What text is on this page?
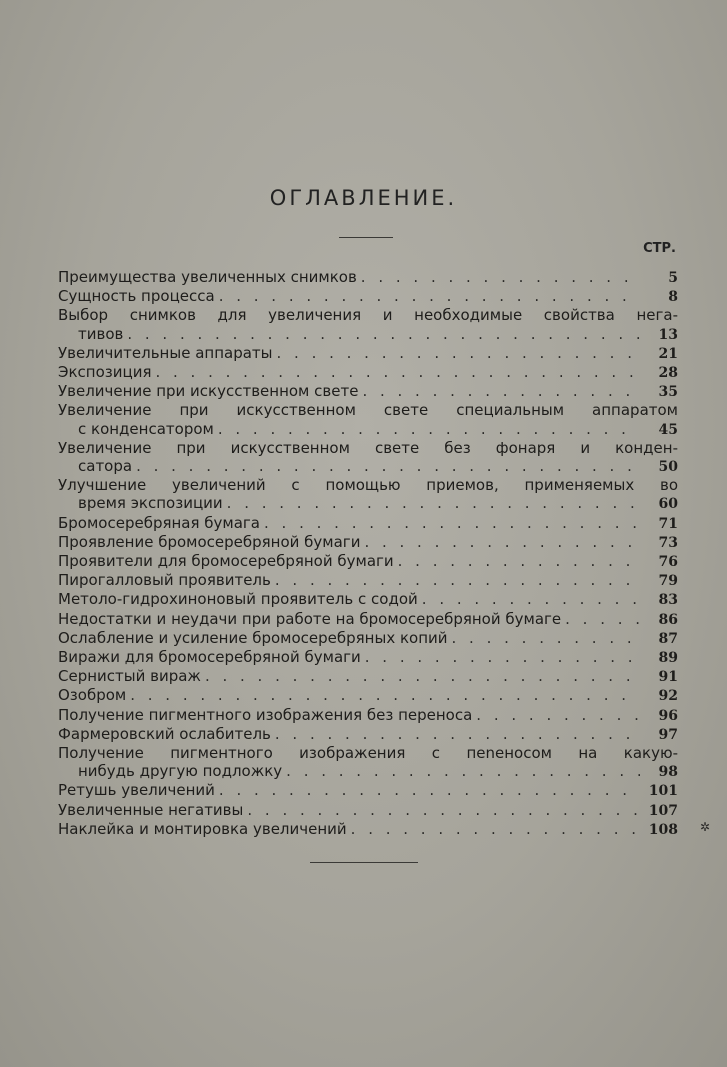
ОГЛАВЛЕНИЕ.
СТР.
Преимущества увеличенных снимков . . .	5
Сущность процесса . . .	8
Выбор снимков для увеличения и необходимые свойства нега-
тивов . . .	13
Увеличительные аппараты . . .	21
Экспозиция . . .	28
Увеличение при искусственном свете . . .	35
Увеличение при искусственном свете специальным аппаратом
с конденсатором . . .	45
Увеличение при искусственном свете без фонаря и конден-
сатора . . .	50
Улучшение увеличений с помощью приемов, применяемых во
время экспозиции . . .	60
Бромосеребряная бумага . . .	71
Проявление бромосеребряной бумаги . . .	73
Проявители для бромосеребряной бумаги . . .	76
Пирогалловый проявитель . . .	79
Метоло-гидрохиноновый проявитель с содой . . .	83
Недостатки и неудачи при работе на бромосеребряной бумаге . . .	86
Ослабление и усиление бромосеребряных копий . . .	87
Виражи для бромосеребряной бумаги . . .	89
Сернистый вираж . . .	91
Озобром . . .	92
Получение пигментного изображения без переноса . . .	96
Фармеровский ослабитель . . .	97
Получение пигментного изображения с пеneносом на какую-
нибудь другую подложку . . .	98
Ретушь увеличений . . .	101
Увеличенные негативы . . .	107
Наклейка и монтировка увеличений . . .	108 ✲
